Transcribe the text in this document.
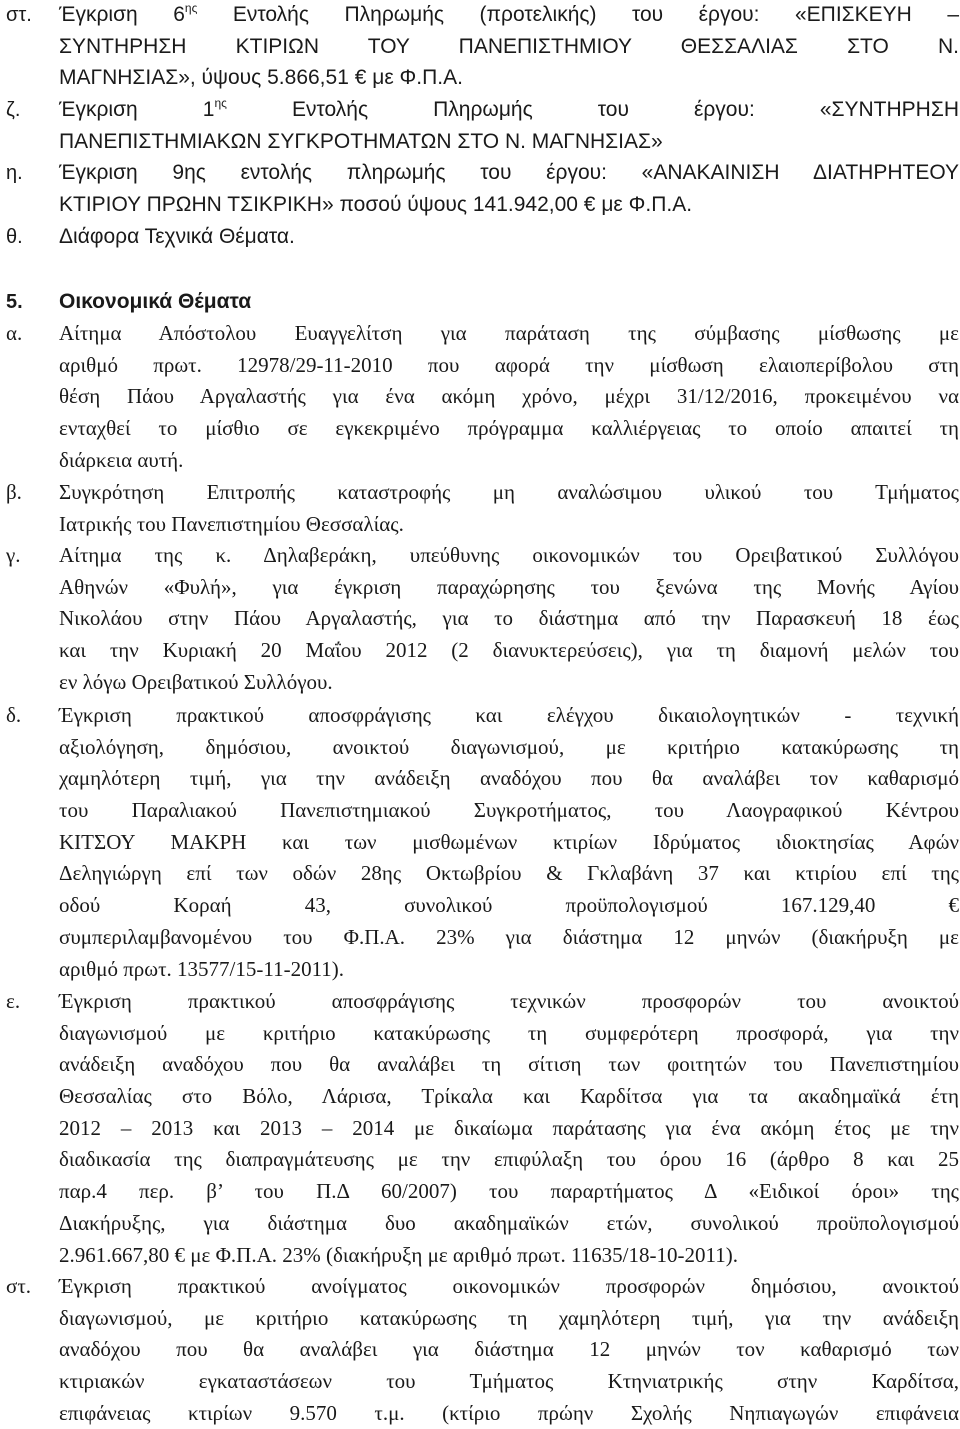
στ. Έγκριση $6^{\eta\varsigma}$ Εντολής Πληρωμής (προτελικής) του έργου: «ΕΠΙΣΚΕΥΗ –
ΣΥΝΤΗΡΗΣΗ ΚΤΙΡΙΩΝ ΤΟΥ ΠΑΝΕΠΙΣΤΗΜΙΟΥ ΘΕΣΣΑΛΙΑΣ ΣΤΟ Ν.
ΜΑΓΝΗΣΙΑΣ», ύψους 5.866,51 € με Φ.Π.Α.
ζ. Έγκριση $1^{\eta\varsigma}$ Εντολής Πληρωμής του έργου: «ΣΥΝΤΗΡΗΣΗ
ΠΑΝΕΠΙΣΤΗΜΙΑΚΩΝ ΣΥΓΚΡΟΤΗΜΑΤΩΝ ΣΤΟ Ν. ΜΑΓΝΗΣΙΑΣ»
η. Έγκριση 9ης εντολής πληρωμής του έργου: «ΑΝΑΚΑΙΝΙΣΗ ΔΙΑΤΗΡΗΤΕΟΥ
ΚΤΙΡΙΟΥ ΠΡΩΗΝ ΤΣΙΚΡΙΚΗ» ποσού ύψους 141.942,00 € με Φ.Π.Α.
θ. Διάφορα Τεχνικά Θέματα.
5. Οικονομικά Θέματα
α. Αίτημα Απόστολου Ευαγγελίτση για παράταση της σύμβασης μίσθωσης με
αριθμό πρωτ. 12978/29-11-2010 που αφορά την μίσθωση ελαιοπερίβολου στη
θέση Πάου Αργαλαστής για ένα ακόμη χρόνο, μέχρι 31/12/2016, προκειμένου να
ενταχθεί το μίσθιο σε εγκεκριμένο πρόγραμμα καλλιέργειας το οποίο απαιτεί τη
διάρκεια αυτή.
β. Συγκρότηση Επιτροπής καταστροφής μη αναλώσιμου υλικού του Τμήματος
Ιατρικής του Πανεπιστημίου Θεσσαλίας.
γ. Αίτημα της κ. Δηλαβεράκη, υπεύθυνης οικονομικών του Ορειβατικού Συλλόγου
Αθηνών «Φυλή», για έγκριση παραχώρησης του ξενώνα της Μονής Αγίου
Νικολάου στην Πάου Αργαλαστής, για το διάστημα από την Παρασκευή 18 έως
και την Κυριακή 20 Μαΐου 2012 (2 διανυκτερεύσεις), για τη διαμονή μελών του
εν λόγω Ορειβατικού Συλλόγου.
δ. Έγκριση πρακτικού αποσφράγισης και ελέγχου δικαιολογητικών - τεχνική
αξιολόγηση, δημόσιου, ανοικτού διαγωνισμού, με κριτήριο κατακύρωσης τη
χαμηλότερη τιμή, για την ανάδειξη αναδόχου που θα αναλάβει τον καθαρισμό
του Παραλιακού Πανεπιστημιακού Συγκροτήματος, του Λαογραφικού Κέντρου
ΚΙΤΣΟΥ ΜΑΚΡΗ και των μισθωμένων κτιρίων Ιδρύματος ιδιοκτησίας Αφών
Δεληγιώργη επί των οδών 28ης Οκτωβρίου & Γκλαβάνη 37 και κτιρίου επί της
οδού Κοραή 43, συνολικού προϋπολογισμού 167.129,40 €
συμπεριλαμβανομένου του Φ.Π.Α. 23% για διάστημα 12 μηνών (διακήρυξη με
αριθμό πρωτ. 13577/15-11-2011).
ε. Έγκριση πρακτικού αποσφράγισης τεχνικών προσφορών του ανοικτού
διαγωνισμού με κριτήριο κατακύρωσης τη συμφερότερη προσφορά, για την
ανάδειξη αναδόχου που θα αναλάβει τη σίτιση των φοιτητών του Πανεπιστημίου
Θεσσαλίας στο Βόλο, Λάρισα, Τρίκαλα και Καρδίτσα για τα ακαδημαϊκά έτη
2012 – 2013 και 2013 – 2014 με δικαίωμα παράτασης για ένα ακόμη έτος με την
διαδικασία της διαπραγμάτευσης με την επιφύλαξη του όρου 16 (άρθρο 8 και 25
παρ.4 περ. β’ του Π.Δ 60/2007) του παραρτήματος Δ «Ειδικοί όροι» της
Διακήρυξης, για διάστημα δυο ακαδημαϊκών ετών, συνολικού προϋπολογισμού
2.961.667,80 € με Φ.Π.Α. 23% (διακήρυξη με αριθμό πρωτ. 11635/18-10-2011).
στ. Έγκριση πρακτικού ανοίγματος οικονομικών προσφορών δημόσιου, ανοικτού
διαγωνισμού, με κριτήριο κατακύρωσης τη χαμηλότερη τιμή, για την ανάδειξη
αναδόχου που θα αναλάβει για διάστημα 12 μηνών τον καθαρισμό των
κτιριακών εγκαταστάσεων του Τμήματος Κτηνιατρικής στην Καρδίτσα,
επιφάνειας κτιρίων 9.570 τ.μ. (κτίριο πρώην Σχολής Νηπιαγωγών επιφάνεια
